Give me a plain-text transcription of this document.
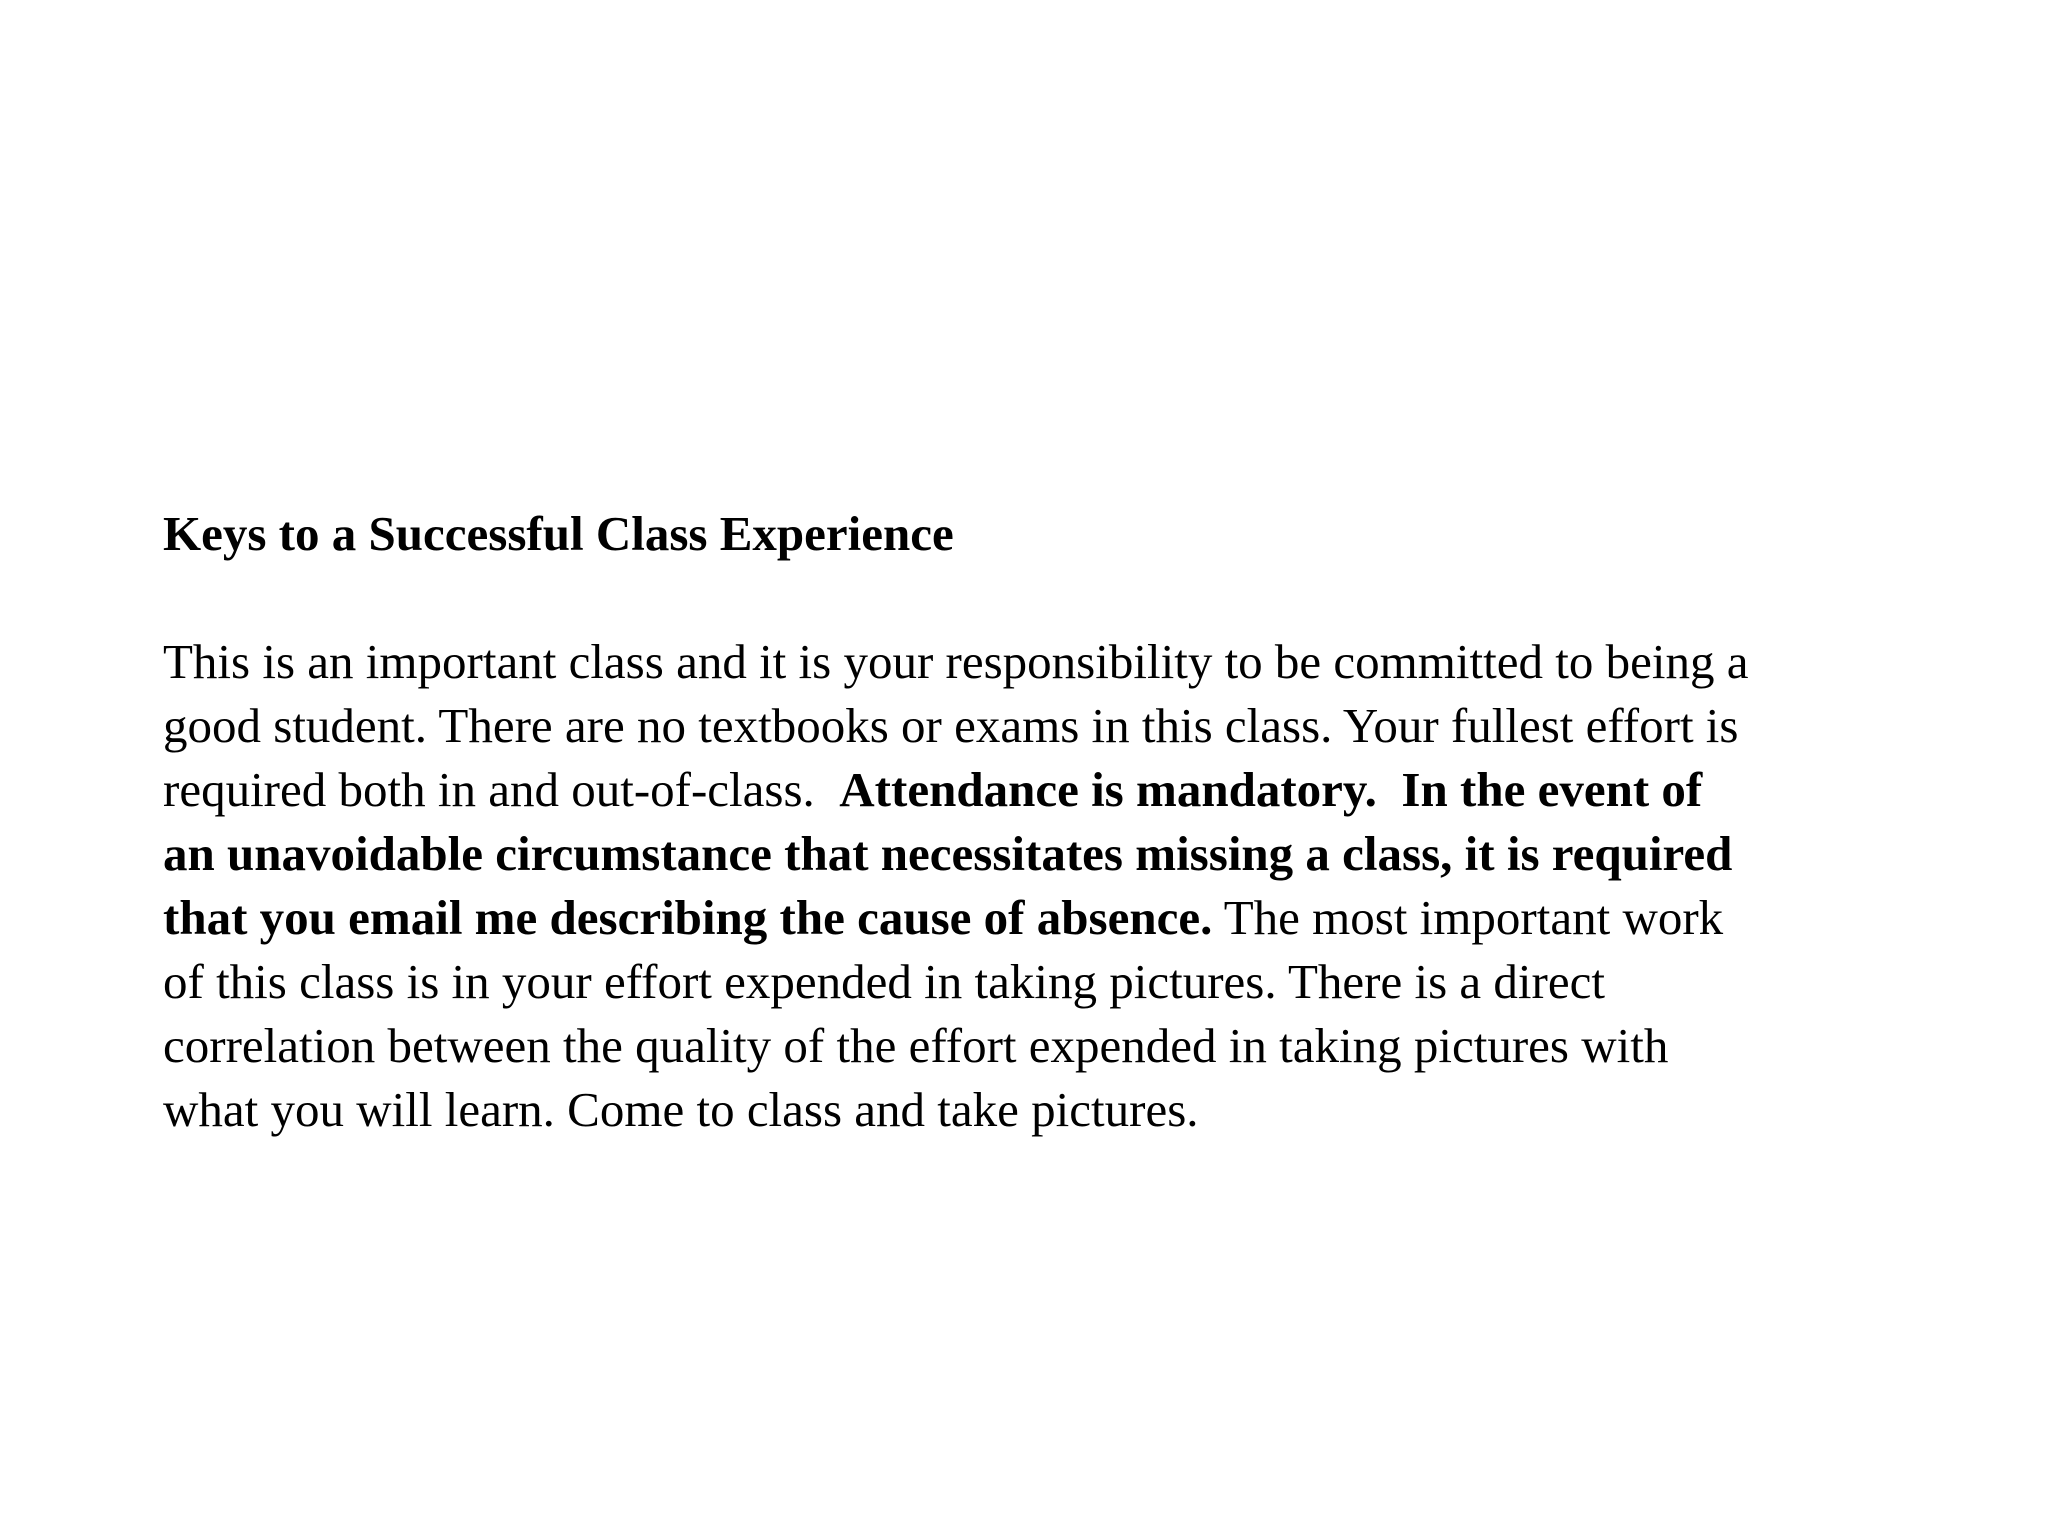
Keys to a Successful Class Experience

This is an important class and it is your responsibility to be committed to being a
good student. There are no textbooks or exams in this class. Your fullest effort is
required both in and out-of-class.  Attendance is mandatory.  In the event of
an unavoidable circumstance that necessitates missing a class, it is required
that you email me describing the cause of absence. The most important work
of this class is in your effort expended in taking pictures. There is a direct
correlation between the quality of the effort expended in taking pictures with
what you will learn. Come to class and take pictures.
